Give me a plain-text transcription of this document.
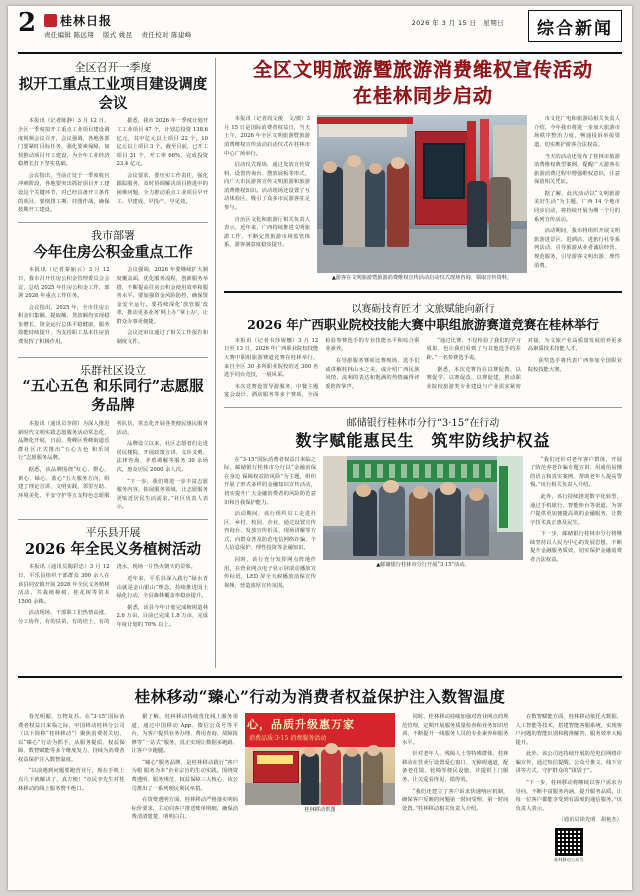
2 桂林日报
责任编辑 陈远翔 版式 姚昆 责任校对 陈建峰
2026 年 3 月 15 日　星期日	综合新闻
全区召开一季度
拟开工重点工业项目建设调度会议

本报讯（记者陈静）3 月 12 日，全区一季度拟开工重点工业项目建设调度视频会议召开，会议强调，各地各部门要紧盯目标任务，强化要素保障，加快推动项目开工建设，为全年工业经济稳增长打下坚实基础。

会议指出，当前正处于一季度收官冲刺阶段，各地要突出抓好项目开工建设这个关键环节，对已经具备开工条件的项目，要倒排工期、挂图作战，确保按期开工建设。

据悉，我市 2026 年一季度计划开工工业项目 47 个，计划总投资 138.6 亿元，其中亿元以上项目 22 个，10 亿元以上项目 3 个。截至目前，已开工项目 31 个，开工率 66%，完成投资 23.4 亿元。

会议要求，要压实工作责任，强化跟踪服务，及时协调解决项目推进中的困难问题，全力推动重点工业项目早开工、早建成、早投产、早见效。

我市部署
今年住房公积金重点工作

本报讯（记者秦丽云）3 月 12 日，我市召开住房公积金管理委员会会议，总结 2025 年住房公积金工作，部署 2026 年重点工作任务。

会议指出，2025 年，全市住房公积金归集额、提取额、贷款额均实现稳步增长，资金运行总体平稳健康，服务效能持续提升，为支持职工基本住房消费发挥了积极作用。

会议强调，2026 年要继续扩大制度覆盖面，优化服务流程，创新服务举措，不断提高住房公积金使用效率和服务水平。要加强资金风险防控，确保资金安全运行。要持续深化‘放管服’改革，推动更多业务‘网上办’‘掌上办’，让群众办事更便捷。

会议还审议通过了相关工作报告和制度文件。

乐群社区设立
“五心五色 和乐同行”志愿服务品牌

本报讯（通讯员李倩）为深入推进新时代文明实践志愿服务活动常态化、品牌化开展，日前，秀峰区秀峰街道乐群社区正式推出“五心五色 和乐同行”志愿服务品牌。

据悉，该品牌围绕“红心、橙心、黄心、绿心、蓝心”五大服务方向，组建了理论宣讲、文明实践、邻里互助、环境美化、平安守护等五支特色志愿服务队伍，常态化开展各类便民惠民服务活动。

品牌设立以来，社区志愿者们走进居民楼院，开展政策宣讲、义诊义剪、法律咨询、矛盾调解等服务 30 余场次，惠及居民 2000 余人次。

“下一步，我们将进一步丰富志愿服务内容，拓展服务领域，让志愿服务更贴近居民生活需求。”社区负责人表示。

平乐县开展
2026 年全民义务植树活动

本报讯（通讯员陶彩忠）3 月 12 日，平乐县组织干部群众 300 余人在该县同安镇开展 2026 年全民义务植树活动，共栽植樟树、桂花树等苗木 1500 余株。

活动现场，干部职工们热情高涨，分工协作，有的扶苗，有的培土，有的浇水，现场一片热火朝天的景象。

近年来，平乐县深入践行“绿水青山就是金山银山”理念，持续推进国土绿化行动，全县森林覆盖率稳步提升。

据悉，该县今年计划完成植树造林 2.6 万亩，目前已完成 1.8 万亩，完成年度计划的 70% 以上。

全区文明旅游暨旅游消费维权宣传活动
在桂林同步启动

本报讯（记者周文俊　文/摄）3 月 15 日是国际消费者权益日，当天上午，2026 年全区文明旅游暨旅游消费维权宣传活动启动仪式在桂林市中心广场举行。

启动仪式现场，通过发放宣传资料、设置咨询台、摆放展板等形式，向广大市民游客宣传文明旅游和旅游消费维权知识。活动现场还设置了互动体验区，吸引了众多市民游客驻足参与。

自治区文化和旅游厅相关负责人表示，近年来，广西持续推进文明旅游工作，不断完善旅游市场监管体系，游客满意度稳步提升。

▲游客在文明旅游暨旅游消费维权宣传活动启动仪式现场咨询、领取宣传资料。

市文化广电和旅游局相关负责人介绍，今年我市将进一步加大旅游市场秩序整治力度，畅通投诉举报渠道，切实维护游客合法权益。

当天的活动还发布了桂林市旅游消费维权典型案例，提醒广大游客在旅游消费过程中增强维权意识，注意保留相关凭证。

据了解，此次活动以“文明旅游 美好生活”为主题，广西 14 个地市同步启动，将持续开展为期一个月的系列宣传活动。

活动期间，我市将组织开展文明旅游进景区、进酒店、进旅行社等系列活动，引导旅游从业者诚信经营、规范服务，引导游客文明出游、理性消费。

以赛砺技育匠才 文旅赋能向新行
2026 年广西职业院校技能大赛中职组旅游赛道竞赛在桂林举行

本报讯（记者韦莎妮娜）3 月 12 日至 13 日，2026 年广西职业院校技能大赛中职组旅游赛道竞赛在桂林举行，来自全区 30 多所职业院校的近 300 名选手同台竞技，一展风采。

本次竞赛设置导游服务、中餐主题宴会设计、酒店服务等多个赛项，全面检验参赛选手的专业技能水平和综合职业素养。

在导游服务赛项比赛现场，选手们或讲解桂林山水之美，或介绍广西民族风情，流利的表达和饱满的热情赢得评委阵阵掌声。

“通过比赛，不仅检验了我们的学习成果，也让我们看到了与其他选手的差距。”一名参赛选手说。

据悉，本次竞赛旨在以赛促教、以赛促学、以赛促改、以赛促建，推动职业院校旅游类专业建设与产业需求紧密对接，为文旅产业高质量发展培养更多高素质技术技能人才。

获奖选手将代表广西参加全国职业院校技能大赛。

邮储银行桂林市分行“3·15”在行动
数字赋能惠民生　筑牢防线护权益

在“3·15”国际消费者权益日来临之际，邮储银行桂林市分行以“金融消保在身边 保障权益防风险”为主题，组织开展了形式多样的金融知识宣传活动，切实提升广大金融消费者的风险防范意识和自我保护能力。

活动期间，该行组织员工走进社区、乡村、校园、企业，通过设置宣传咨询台、发放宣传折页、现场讲解等方式，向群众普及防范电信网络诈骗、个人信息保护、理性投资等金融知识。

同时，该行充分发挥网点阵地作用，在营业网点电子显示屏滚动播放宣传标语，LED 屏全天候播放消保宣传视频，营造浓厚宣传氛围。

▲邮储银行桂林市分行开展“3·15”活动。

“我们还针对老年客户群体，开展了防范养老诈骗专题宣讲，用通俗易懂的语言和真实案例，帮助老年人提高警惕。”该行相关负责人介绍。

此外，该行持续推进数字化转型，通过手机银行、智能柜台等渠道，为客户提供更加便捷高效的金融服务，让数字技术真正惠及民生。

下一步，邮储银行桂林市分行将继续坚持以人民为中心的发展思想，不断提升金融服务质效，切实保护金融消费者合法权益。

桂林移动“臻心”行动为消费者权益保护注入数智温度

春光明媚，万物复苏。在“3·15”国际消费者权益日来临之际，中国移动桂林分公司（以下简称“桂林移动”）聚焦消费者关切，以“臻心”行动为抓手，从服务提质、权益保障、数智赋能等多个维度发力，持续为消费者权益保护注入数智温度。

“以前遇到问题要跑营业厅，现在手机上点几下就解决了，真方便！”市民李先生对桂林移动的线上服务赞不绝口。

据了解，桂林移动持续优化线上服务渠道，通过中国移动 App、微信公众号等平台，为客户提供业务办理、费用查询、故障报修等“一站式”服务，真正实现让数据多跑路、让客户少跑腿。

“臻心”服务品牌，是桂林移动践行“客户为根 服务为本”企业宗旨的生动实践。围绕资费透明、服务规范、权益保障三大核心，该公司推出了一系列便民利民举措。

在资费透明方面，桂林移动严格落实明码标价要求，主动向客户推送账单明细，确保消费清清楚楚、明明白白。

心，品质升级惠万家
消费品质·3·15 消费服务活动
桂林移动供图

同时，桂林移动持续加强对营业网点的规范管理，定期开展服务质量检查和业务知识培训，不断提升一线服务人员的专业素养和服务水平。

针对老年人、残障人士等特殊群体，桂林移动在营业厅设置爱心窗口、无障碍通道，配备老花镜、轮椅等便民设施，并提供上门服务，让关爱看得见、摸得着。

“我们还建立了客户诉求快速响应机制，确保客户反映的问题第一时间受理、第一时间处置。”桂林移动相关负责人介绍。

在数智赋能方面，桂林移动依托大数据、人工智能等技术，搭建智能客服系统，实现客户问题的智能识别和精准解答，服务效率大幅提升。

此外，该公司还持续开展防范电信网络诈骗宣传，通过短信提醒、公众号推文、线下宣讲等方式，守护群众的“钱袋子”。

“下一步，桂林移动将继续以客户需求为导向，不断丰富服务内涵，提升服务品质，让每一位客户都能享受到有温度的通信服务。”该负责人表示。

（通讯员徐先明　胡艳杰）

桂林移动公众号
